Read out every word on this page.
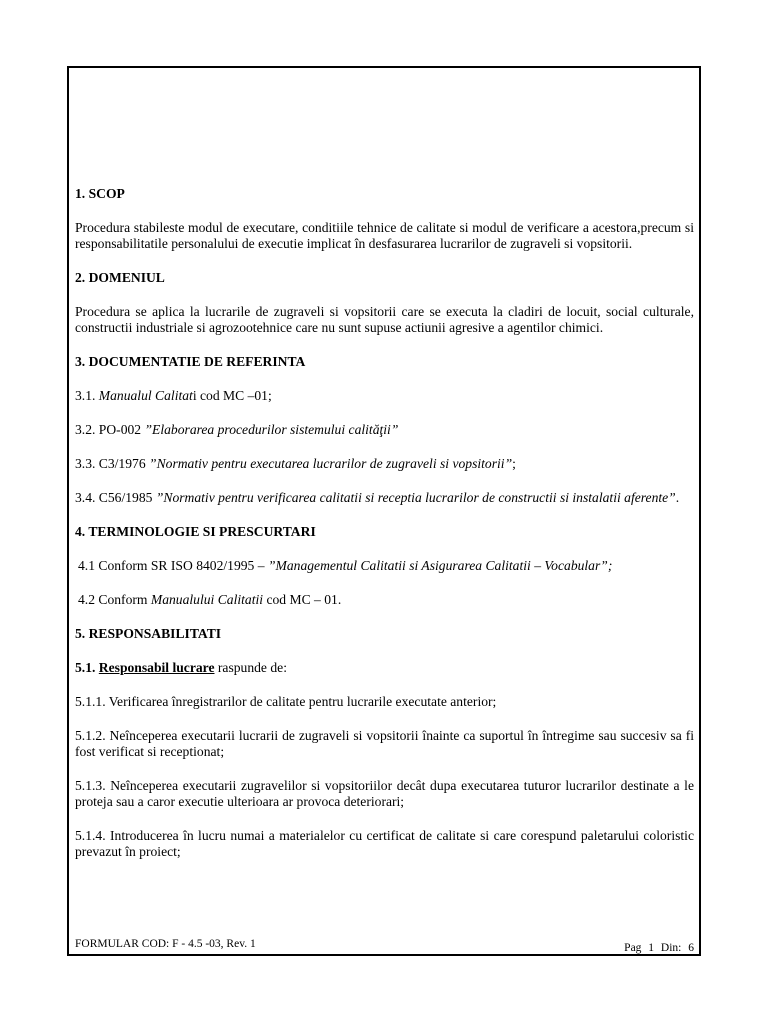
1. SCOP
Procedura stabileste modul de executare, conditiile tehnice de calitate si modul de verificare a acestora,precum si responsabilitatile personalului de executie implicat în desfasurarea lucrarilor de zugraveli si vopsitorii.
2. DOMENIUL
Procedura se aplica la lucrarile de zugraveli si vopsitorii care se executa la cladiri de locuit, social culturale, constructii industriale si agrozootehnice care nu sunt supuse actiunii agresive a agentilor chimici.
3. DOCUMENTATIE DE REFERINTA
3.1. Manualul Calitati cod MC –01;
3.2. PO-002 ”Elaborarea procedurilor sistemului calităţii”
3.3. C3/1976 ”Normativ pentru executarea lucrarilor de zugraveli si vopsitorii”;
3.4. C56/1985 ”Normativ pentru verificarea calitatii si receptia lucrarilor de constructii si instalatii aferente”.
4. TERMINOLOGIE SI PRESCURTARI
4.1 Conform SR ISO 8402/1995 – ”Managementul Calitatii si Asigurarea Calitatii – Vocabular”;
4.2 Conform Manualului Calitatii cod MC – 01.
5. RESPONSABILITATI
5.1. Responsabil lucrare raspunde de:
5.1.1. Verificarea înregistrarilor de calitate pentru lucrarile executate anterior;
5.1.2. Neînceperea executarii lucrarii de zugraveli si vopsitorii înainte ca suportul în întregime sau succesiv sa fi fost verificat si receptionat;
5.1.3. Neînceperea executarii zugravelilor si vopsitoriilor decât dupa executarea tuturor lucrarilor destinate a le proteja sau a caror executie ulterioara ar provoca deteriorari;
5.1.4. Introducerea în lucru numai a materialelor cu certificat de calitate si care corespund paletarului coloristic prevazut în proiect;
FORMULAR COD: F - 4.5 -03, Rev. 1	Pag 1 Din: 6
